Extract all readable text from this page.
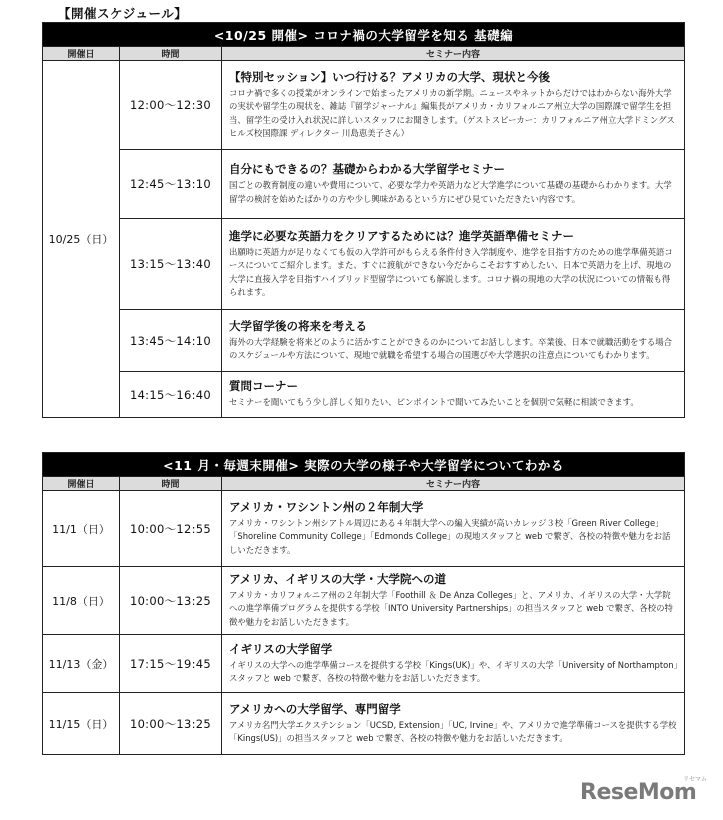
【開催スケジュール】
<10/25 開催> コロナ禍の大学留学を知る 基礎編		
開催日	時間	セミナー内容
10/25（日）	12:00～12:30	【特別セッション】いつ行ける？アメリカの大学、現状と今後
コロナ禍で多くの授業がオンラインで始まったアメリカの新学期。ニュースやネットからだけではわからない海外大学の実状や留学生の現状を、雑誌『留学ジャーナル』編集長がアメリカ・カリフォルニア州立大学の国際課で留学生を担当、留学生の受け入れ状況に詳しいスタッフにお聞きします。（ゲストスピーカー：カリフォルニア州立大学ドミングスヒルズ校国際課 ディレクター 川島恵美子さん）

	12:45～13:10	自分にもできるの？基礎からわかる大学留学セミナー
国ごとの教育制度の違いや費用について、必要な学力や英語力など大学進学について基礎の基礎からわかります。大学留学の検討を始めたばかりの方や少し興味があるという方にぜひ見ていただきたい内容です。

	13:15～13:40	進学に必要な英語力をクリアするためには？進学英語準備セミナー
出願時に英語力が足りなくても仮の入学許可がもらえる条件付き入学制度や、進学を目指す方のための進学準備英語コースについてご紹介します。また、すぐに渡航ができない今だからこそおすすめしたい、日本で英語力を上げ、現地の大学に直接入学を目指すハイブリッド型留学についても解説します。コロナ禍の現地の大学の状況についての情報も得られます。

	13:45～14:10	大学留学後の将来を考える
海外の大学経験を将来どのように活かすことができるのかについてお話しします。卒業後、日本で就職活動をする場合のスケジュールや方法について、現地で就職を希望する場合の国選びや大学選択の注意点についてもわかります。

	14:15～16:40	質問コーナー
セミナーを聞いてもう少し詳しく知りたい、ピンポイントで聞いてみたいことを個別で気軽に相談できます。
<11 月・毎週末開催> 実際の大学の様子や大学留学についてわかる		
開催日	時間	セミナー内容
11/1（日）	10:00～12:55	アメリカ・ワシントン州の２年制大学
アメリカ・ワシントン州シアトル周辺にある４年制大学への編入実績が高いカレッジ３校「Green River College」「Shoreline Community College」「Edmonds College」の現地スタッフと web で繋ぎ、各校の特徴や魅力をお話しいただきます。

11/8（日）	10:00～13:25	アメリカ、イギリスの大学・大学院への道
アメリカ・カリフォルニア州の２年制大学「Foothill ＆ De Anza Colleges」と、アメリカ、イギリスの大学・大学院への進学準備プログラムを提供する学校「INTO University Partnerships」の担当スタッフと web で繋ぎ、各校の特徴や魅力をお話しいただきます。

11/13（金）	17:15～19:45	イギリスの大学留学
イギリスの大学への進学準備コースを提供する学校「Kings(UK)」や、イギリスの大学「University of Northampton」スタッフと web で繋ぎ、各校の特徴や魅力をお話しいただきます。

11/15（日）	10:00～13:25	アメリカへの大学留学、専門留学
アメリカ名門大学エクステンション「UCSD, Extension」「UC, Irvine」や、アメリカで進学準備コースを提供する学校「Kings(US)」の担当スタッフと web で繋ぎ、各校の特徴や魅力をお話しいただきます。
リセマム
ReseMom
